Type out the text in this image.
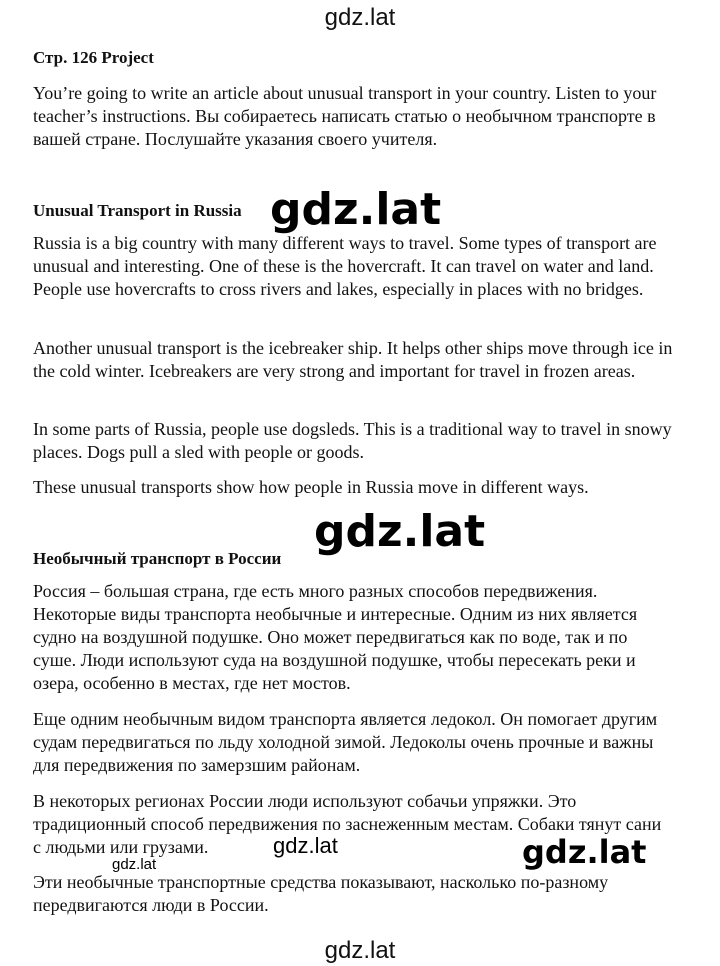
gdz.lat
Стр. 126 Project

You’re going to write an article about unusual transport in your country. Listen to your teacher’s instructions. Вы собираетесь написать статью о необычном транспорте в вашей стране. Послушайте указания своего учителя.

Unusual Transport in Russia

Russia is a big country with many different ways to travel. Some types of transport are unusual and interesting. One of these is the hovercraft. It can travel on water and land. People use hovercrafts to cross rivers and lakes, especially in places with no bridges.

Another unusual transport is the icebreaker ship. It helps other ships move through ice in the cold winter. Icebreakers are very strong and important for travel in frozen areas.

In some parts of Russia, people use dogsleds. This is a traditional way to travel in snowy places. Dogs pull a sled with people or goods.

These unusual transports show how people in Russia move in different ways.

Необычный транспорт в России

Россия – большая страна, где есть много разных способов передвижения. Некоторые виды транспорта необычные и интересные. Одним из них является судно на воздушной подушке. Оно может передвигаться как по воде, так и по суше. Люди используют суда на воздушной подушке, чтобы пересекать реки и озера, особенно в местах, где нет мостов.

Еще одним необычным видом транспорта является ледокол. Он помогает другим судам передвигаться по льду холодной зимой. Ледоколы очень прочные и важны для передвижения по замерзшим районам.

В некоторых регионах России люди используют собачьи упряжки. Это традиционный способ передвижения по заснеженным местам. Собаки тянут сани с людьми или грузами.

Эти необычные транспортные средства показывают, насколько по-разному передвигаются люди в России.

gdz.lat
gdz.lat
gdz.lat
gdz.lat
gdz.lat
gdz.lat
